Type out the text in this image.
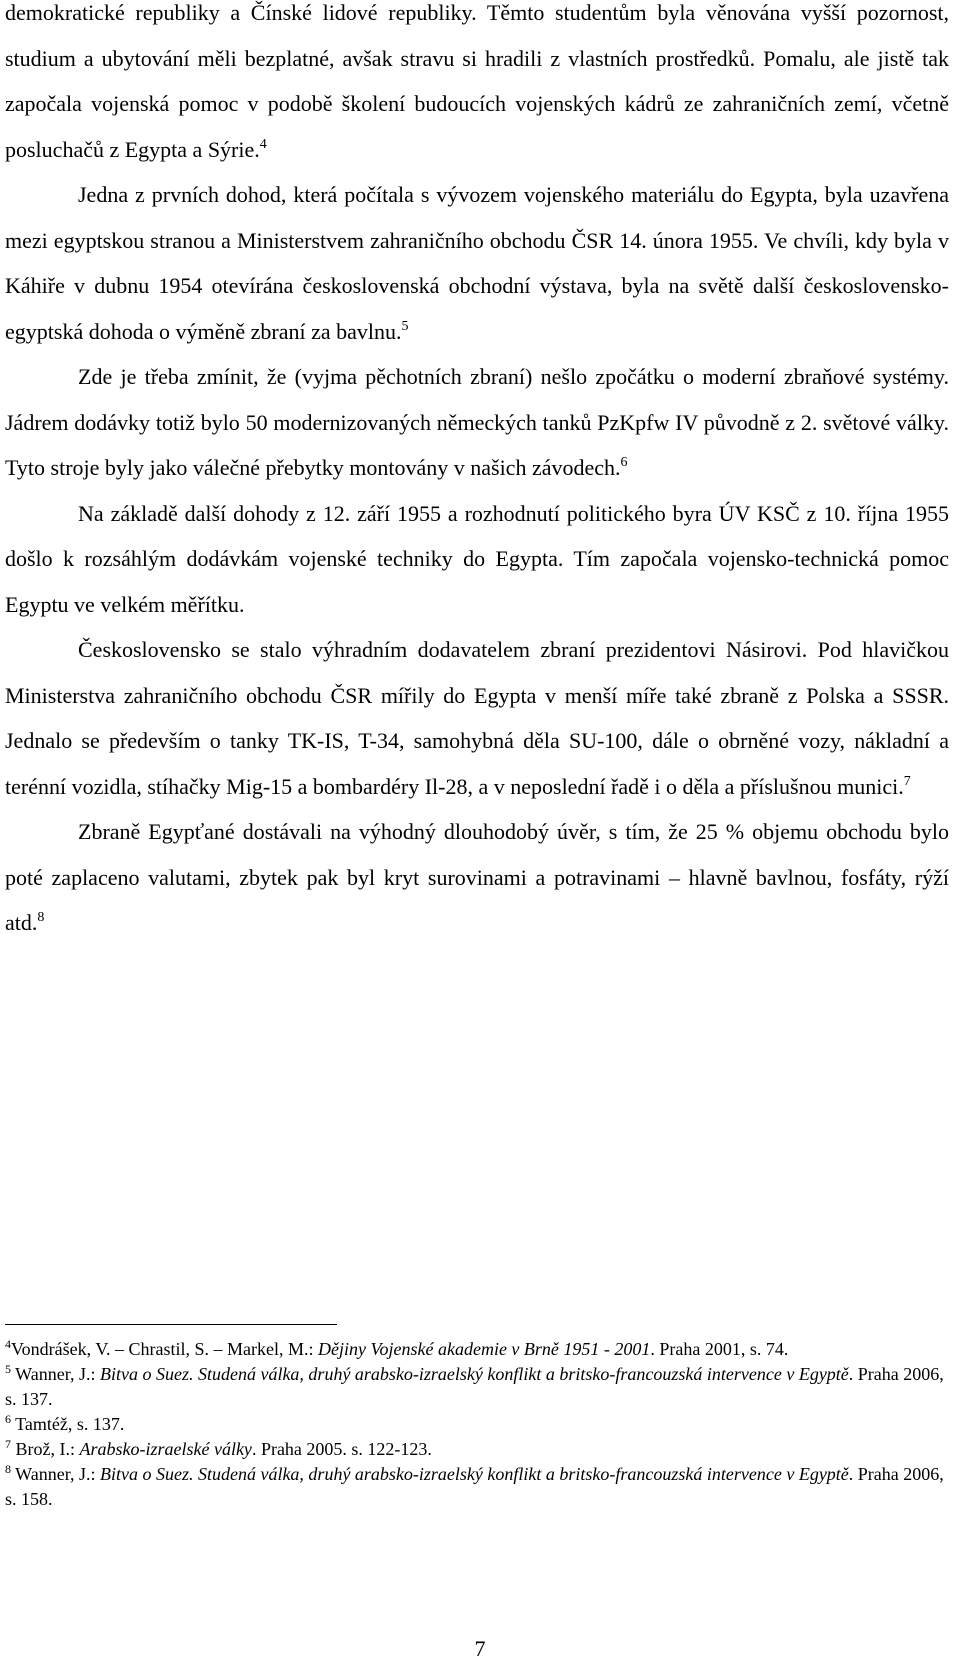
demokratické republiky a Čínské lidové republiky. Těmto studentům byla věnována vyšší pozornost, studium a ubytování měli bezplatné, avšak stravu si hradili z vlastních prostředků. Pomalu, ale jistě tak započala vojenská pomoc v podobě školení budoucích vojenských kádrů ze zahraničních zemí, včetně posluchačů z Egypta a Sýrie.$^4$

Jedna z prvních dohod, která počítala s vývozem vojenského materiálu do Egypta, byla uzavřena mezi egyptskou stranou a Ministerstvem zahraničního obchodu ČSR 14. února 1955. Ve chvíli, kdy byla v Káhiře v dubnu 1954 otevírána československá obchodní výstava, byla na světě další československo-egyptská dohoda o výměně zbraní za bavlnu.$^5$

Zde je třeba zmínit, že (vyjma pěchotních zbraní) nešlo zpočátku o moderní zbraňové systémy. Jádrem dodávky totiž bylo 50 modernizovaných německých tanků PzKpfw IV původně z 2. světové války. Tyto stroje byly jako válečné přebytky montovány v našich závodech.$^6$

Na základě další dohody z 12. září 1955 a rozhodnutí politického byra ÚV KSČ z 10. října 1955 došlo k rozsáhlým dodávkám vojenské techniky do Egypta. Tím započala vojensko-technická pomoc Egyptu ve velkém měřítku.

Československo se stalo výhradním dodavatelem zbraní prezidentovi Násirovi. Pod hlavičkou Ministerstva zahraničního obchodu ČSR mířily do Egypta v menší míře také zbraně z Polska a SSSR. Jednalo se především o tanky TK-IS, T-34, samohybná děla SU-100, dále o obrněné vozy, nákladní a terénní vozidla, stíhačky Mig-15 a bombardéry Il-28, a v neposlední řadě i o děla a příslušnou munici.$^7$

Zbraně Egypťané dostávali na výhodný dlouhodobý úvěr, s tím, že 25 % objemu obchodu bylo poté zaplaceno valutami, zbytek pak byl kryt surovinami a potravinami – hlavně bavlnou, fosfáty, rýží atd.$^8$

$^4$Vondrášek, V. – Chrastil, S. – Markel, M.: Dějiny Vojenské akademie v Brně 1951 - 2001. Praha 2001, s. 74.

$^5$ Wanner, J.: Bitva o Suez. Studená válka, druhý arabsko-izraelský konflikt a britsko-francouzská intervence v Egyptě. Praha 2006, s. 137.

$^6$ Tamtéž, s. 137.

$^7$ Brož, I.: Arabsko-izraelské války. Praha 2005. s. 122-123.

$^8$ Wanner, J.: Bitva o Suez. Studená válka, druhý arabsko-izraelský konflikt a britsko-francouzská intervence v Egyptě. Praha 2006, s. 158.

7
